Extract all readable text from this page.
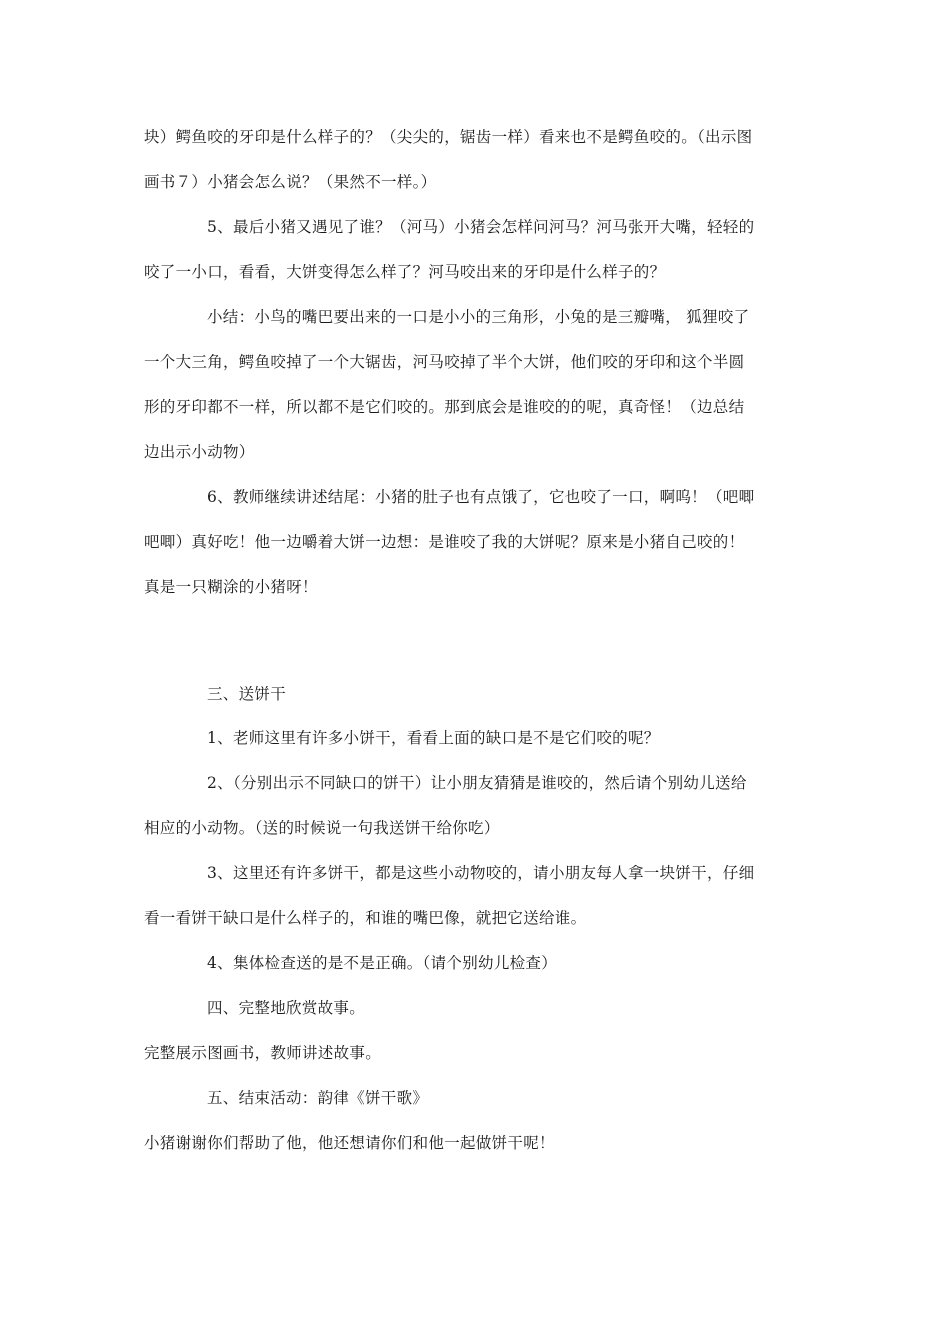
块）鳄鱼咬的牙印是什么样子的？（尖尖的，锯齿一样）看来也不是鳄鱼咬的。（出示图
画书７）小猪会怎么说？（果然不一样。）
5、最后小猪又遇见了谁？（河马）小猪会怎样问河马？河马张开大嘴，轻轻的
咬了一小口，看看，大饼变得怎么样了？河马咬出来的牙印是什么样子的？
小结：小鸟的嘴巴要出来的一口是小小的三角形，小兔的是三瓣嘴， 狐狸咬了
一个大三角，鳄鱼咬掉了一个大锯齿，河马咬掉了半个大饼，他们咬的牙印和这个半圆
形的牙印都不一样，所以都不是它们咬的。那到底会是谁咬的的呢，真奇怪！（边总结
边出示小动物）
6、教师继续讲述结尾：小猪的肚子也有点饿了，它也咬了一口，啊呜！（吧唧
吧唧）真好吃！他一边嚼着大饼一边想：是谁咬了我的大饼呢？原来是小猪自己咬的！
真是一只糊涂的小猪呀！
三、送饼干
1、老师这里有许多小饼干，看看上面的缺口是不是它们咬的呢？
2、（分别出示不同缺口的饼干）让小朋友猜猜是谁咬的，然后请个别幼儿送给
相应的小动物。（送的时候说一句我送饼干给你吃）
3、这里还有许多饼干，都是这些小动物咬的，请小朋友每人拿一块饼干，仔细
看一看饼干缺口是什么样子的，和谁的嘴巴像，就把它送给谁。
4、集体检查送的是不是正确。（请个别幼儿检查）
四、完整地欣赏故事。
完整展示图画书，教师讲述故事。
五、结束活动：韵律《饼干歌》
小猪谢谢你们帮助了他，他还想请你们和他一起做饼干呢！
